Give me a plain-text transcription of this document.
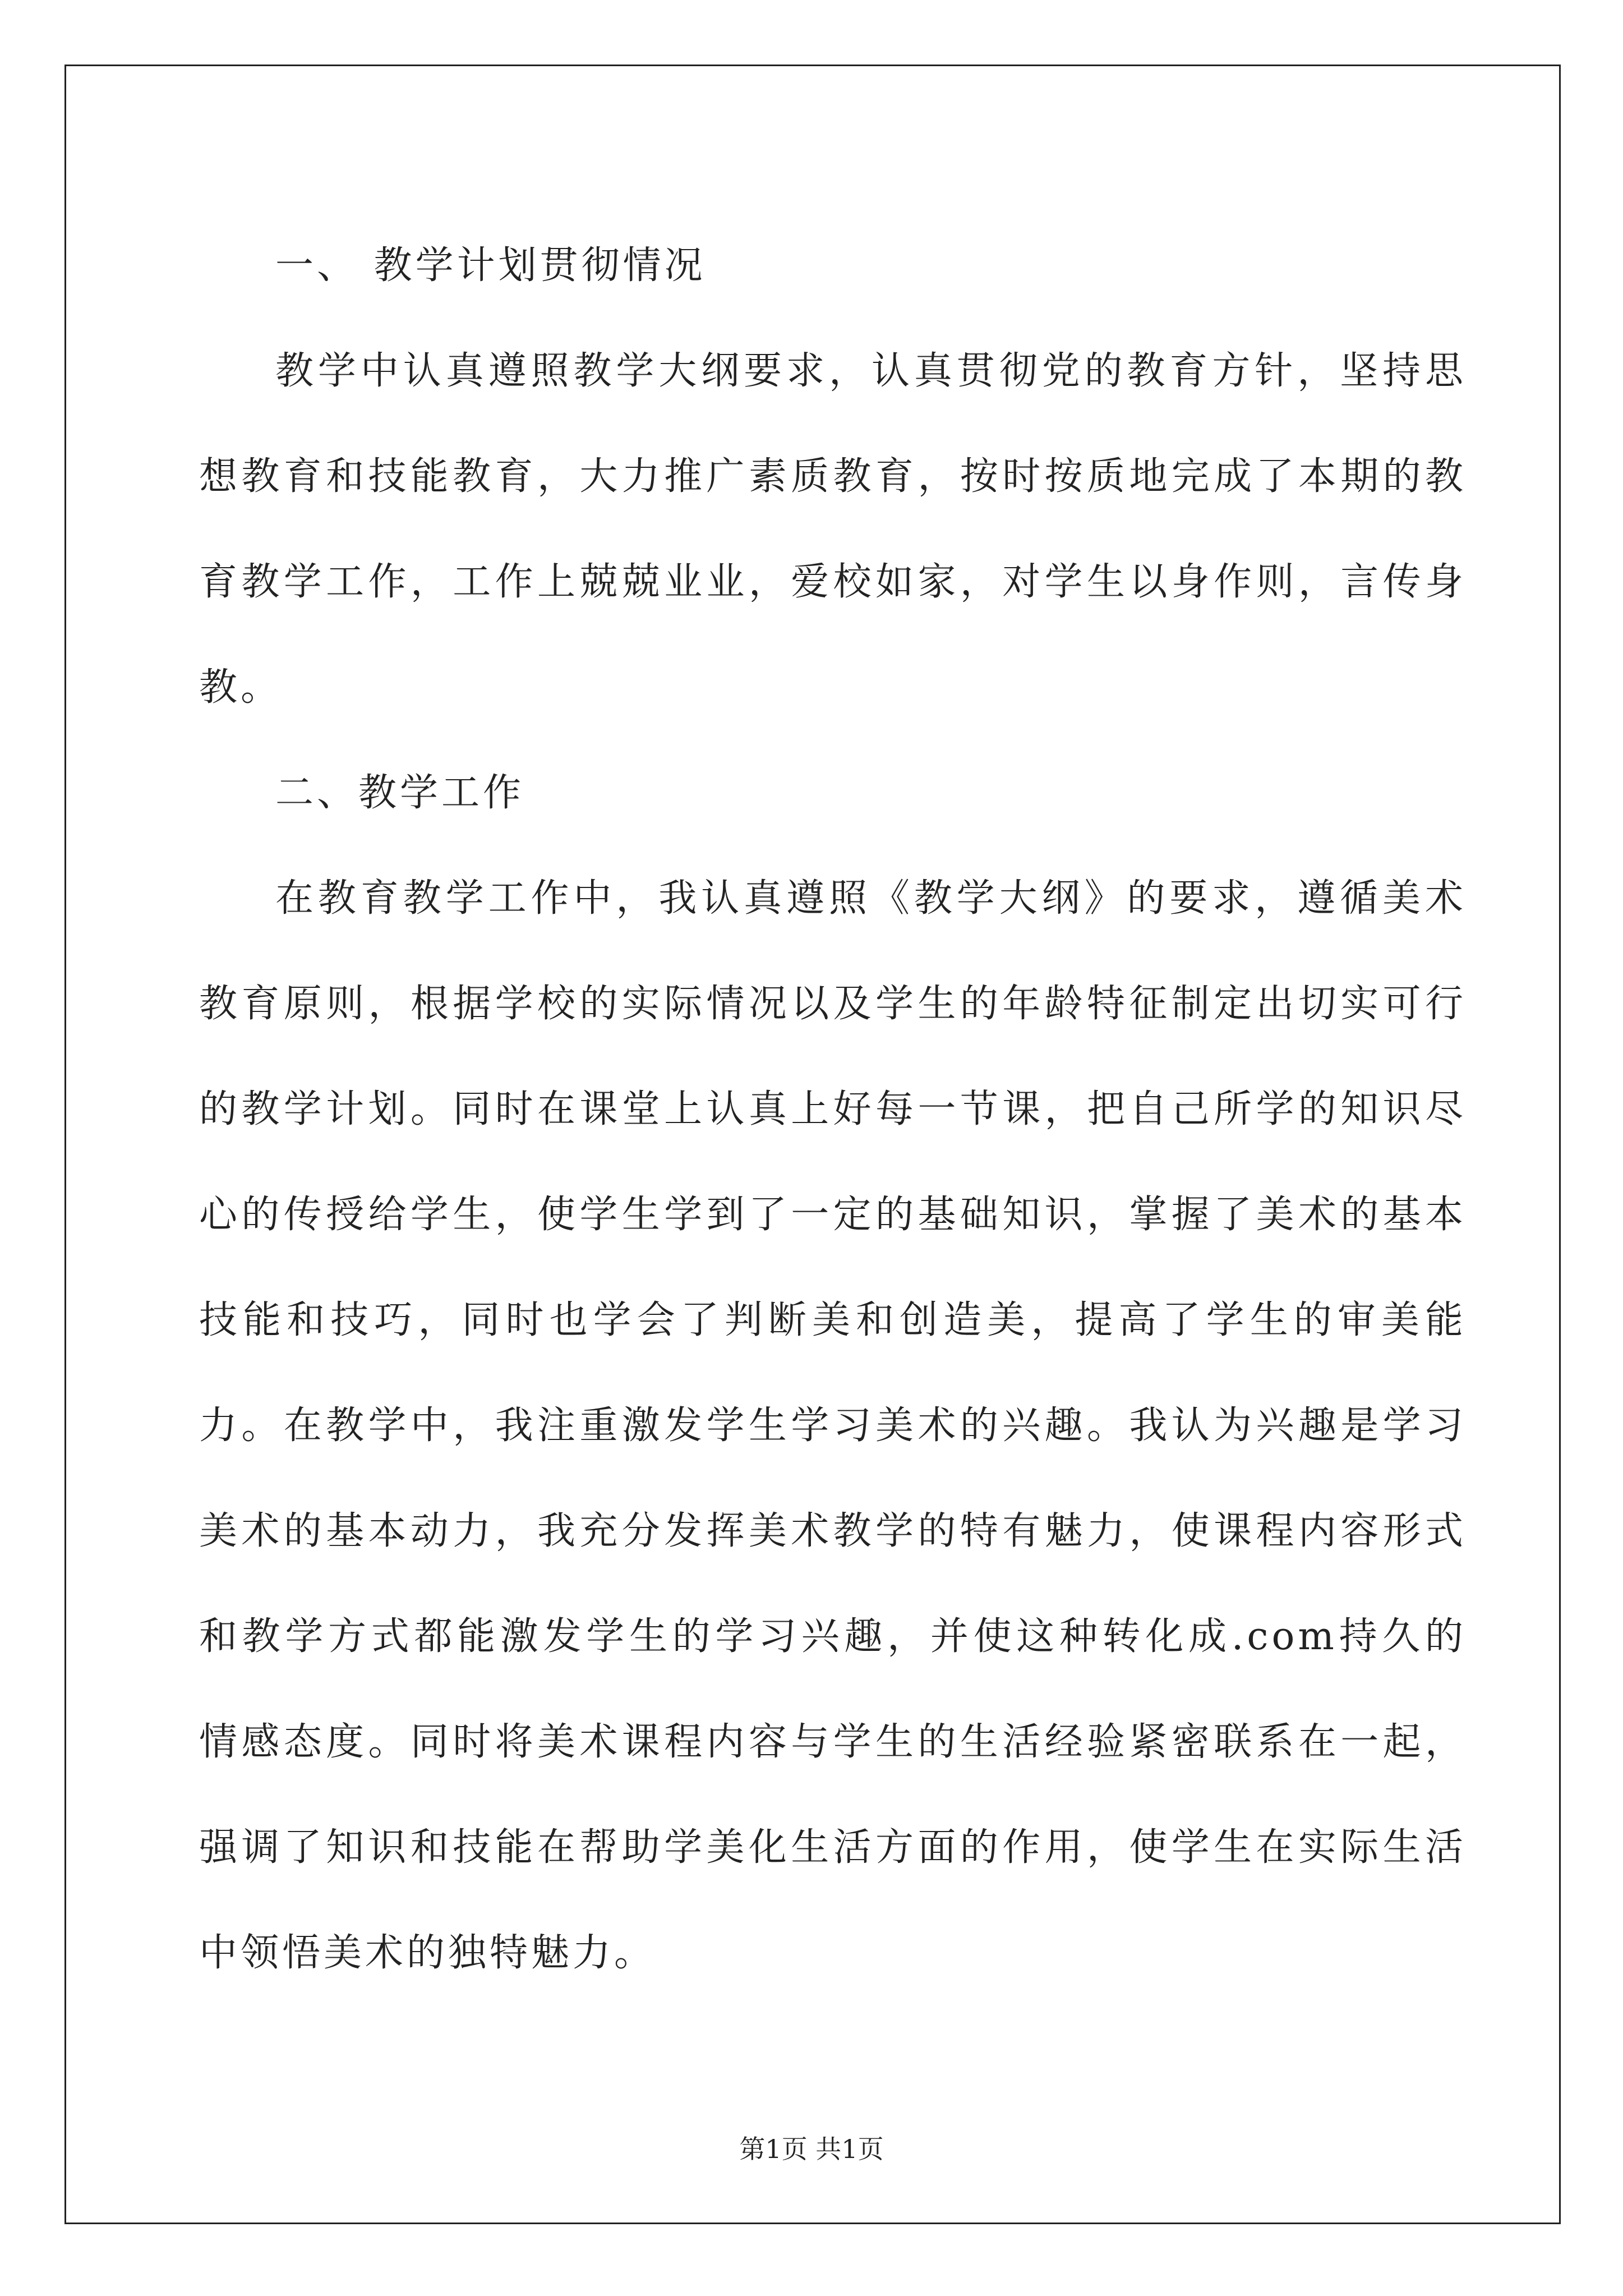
一、 教学计划贯彻情况

教学中认真遵照教学大纲要求，认真贯彻党的教育方针，坚持思想教育和技能教育，大力推广素质教育，按时按质地完成了本期的教育教学工作，工作上兢兢业业，爱校如家，对学生以身作则，言传身教。

二、教学工作

在教育教学工作中，我认真遵照《教学大纲》的要求，遵循美术教育原则，根据学校的实际情况以及学生的年龄特征制定出切实可行的教学计划。同时在课堂上认真上好每一节课，把自己所学的知识尽心的传授给学生，使学生学到了一定的基础知识，掌握了美术的基本技能和技巧，同时也学会了判断美和创造美，提高了学生的审美能力。在教学中，我注重激发学生学习美术的兴趣。我认为兴趣是学习美术的基本动力，我充分发挥美术教学的特有魅力，使课程内容形式和教学方式都能激发学生的学习兴趣，并使这种转化成.com持久的情感态度。同时将美术课程内容与学生的生活经验紧密联系在一起，强调了知识和技能在帮助学美化生活方面的作用，使学生在实际生活中领悟美术的独特魅力。

第1页 共1页
